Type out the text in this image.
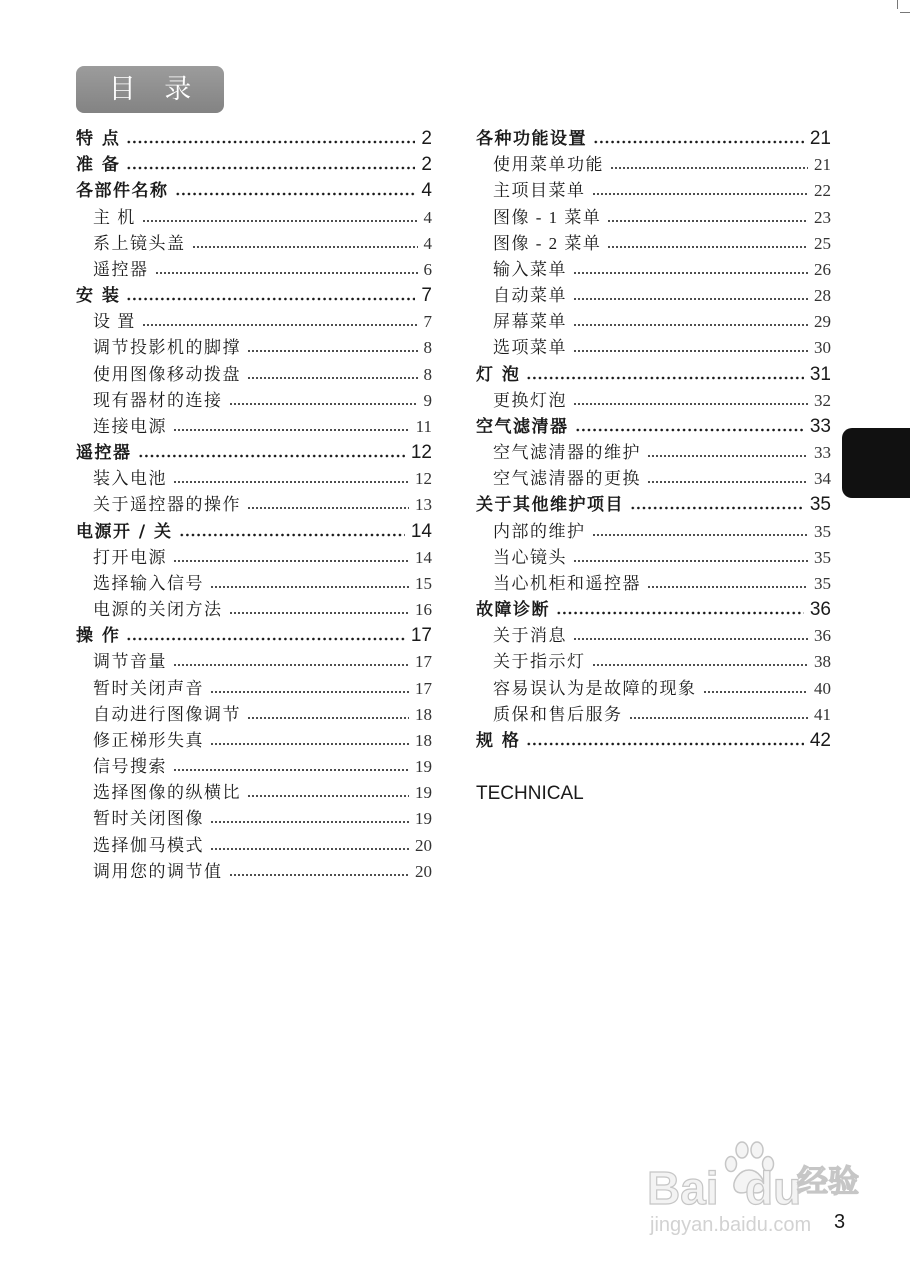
目 录
特 点	2
准 备	2
各部件名称	4
主 机	4
系上镜头盖	4
遥控器	6
安 装	7
设 置	7
调节投影机的脚撑	8
使用图像移动拨盘	8
现有器材的连接	9
连接电源	11
遥控器	12
装入电池	12
关于遥控器的操作	13
电源开 / 关	14
打开电源	14
选择输入信号	15
电源的关闭方法	16
操 作	17
调节音量	17
暂时关闭声音	17
自动进行图像调节	18
修正梯形失真	18
信号搜索	19
选择图像的纵横比	19
暂时关闭图像	19
选择伽马模式	20
调用您的调节值	20
各种功能设置	21
使用菜单功能	21
主项目菜单	22
图像 - 1 菜单	23
图像 - 2 菜单	25
输入菜单	26
自动菜单	28
屏幕菜单	29
选项菜单	30
灯 泡	31
更换灯泡	32
空气滤清器	33
空气滤清器的维护	33
空气滤清器的更换	34
关于其他维护项目	35
内部的维护	35
当心镜头	35
当心机柜和遥控器	35
故障诊断	36
关于消息	36
关于指示灯	38
容易误认为是故障的现象	40
质保和售后服务	41
规 格	42
TECHNICAL
Bai du
经验
jingyan.baidu.com 3
